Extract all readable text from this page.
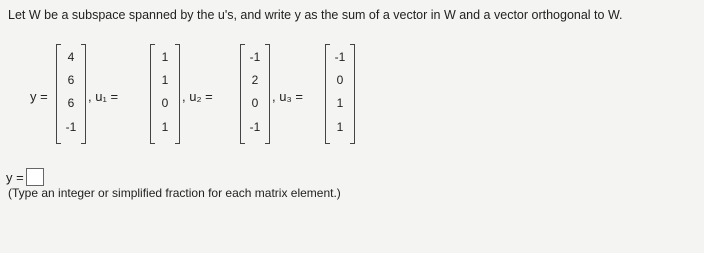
Let W be a subspace spanned by the u's, and write y as the sum of a vector in W and a vector orthogonal to W.
y =
4
6
6
-1
, u₁ =
1
1
0
1
, u₂ =
-1
2
0
-1
, u₃ =
-1
0
1
1
y =
(Type an integer or simplified fraction for each matrix element.)
